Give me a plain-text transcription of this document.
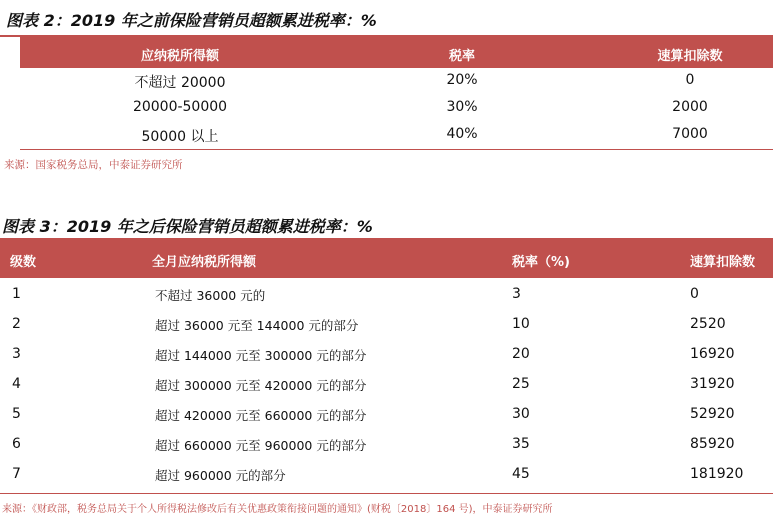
图表 2：2019 年之前保险营销员超额累进税率：%
应纳税所得额	税率	速算扣除数
不超过 20000	20%	0
20000-50000	30%	2000
50000 以上	40%	7000
来源：国家税务总局，中泰证券研究所
图表 3：2019 年之后保险营销员超额累进税率：%
级数	全月应纳税所得额	税率（%)	速算扣除数
1	不超过 36000 元的	3	0
2	超过 36000 元至 144000 元的部分	10	2520
3	超过 144000 元至 300000 元的部分	20	16920
4	超过 300000 元至 420000 元的部分	25	31920
5	超过 420000 元至 660000 元的部分	30	52920
6	超过 660000 元至 960000 元的部分	35	85920
7	超过 960000 元的部分	45	181920
来源：《财政部，税务总局关于个人所得税法修改后有关优惠政策衔接问题的通知》(财税〔2018〕164 号)，中泰证券研究所
